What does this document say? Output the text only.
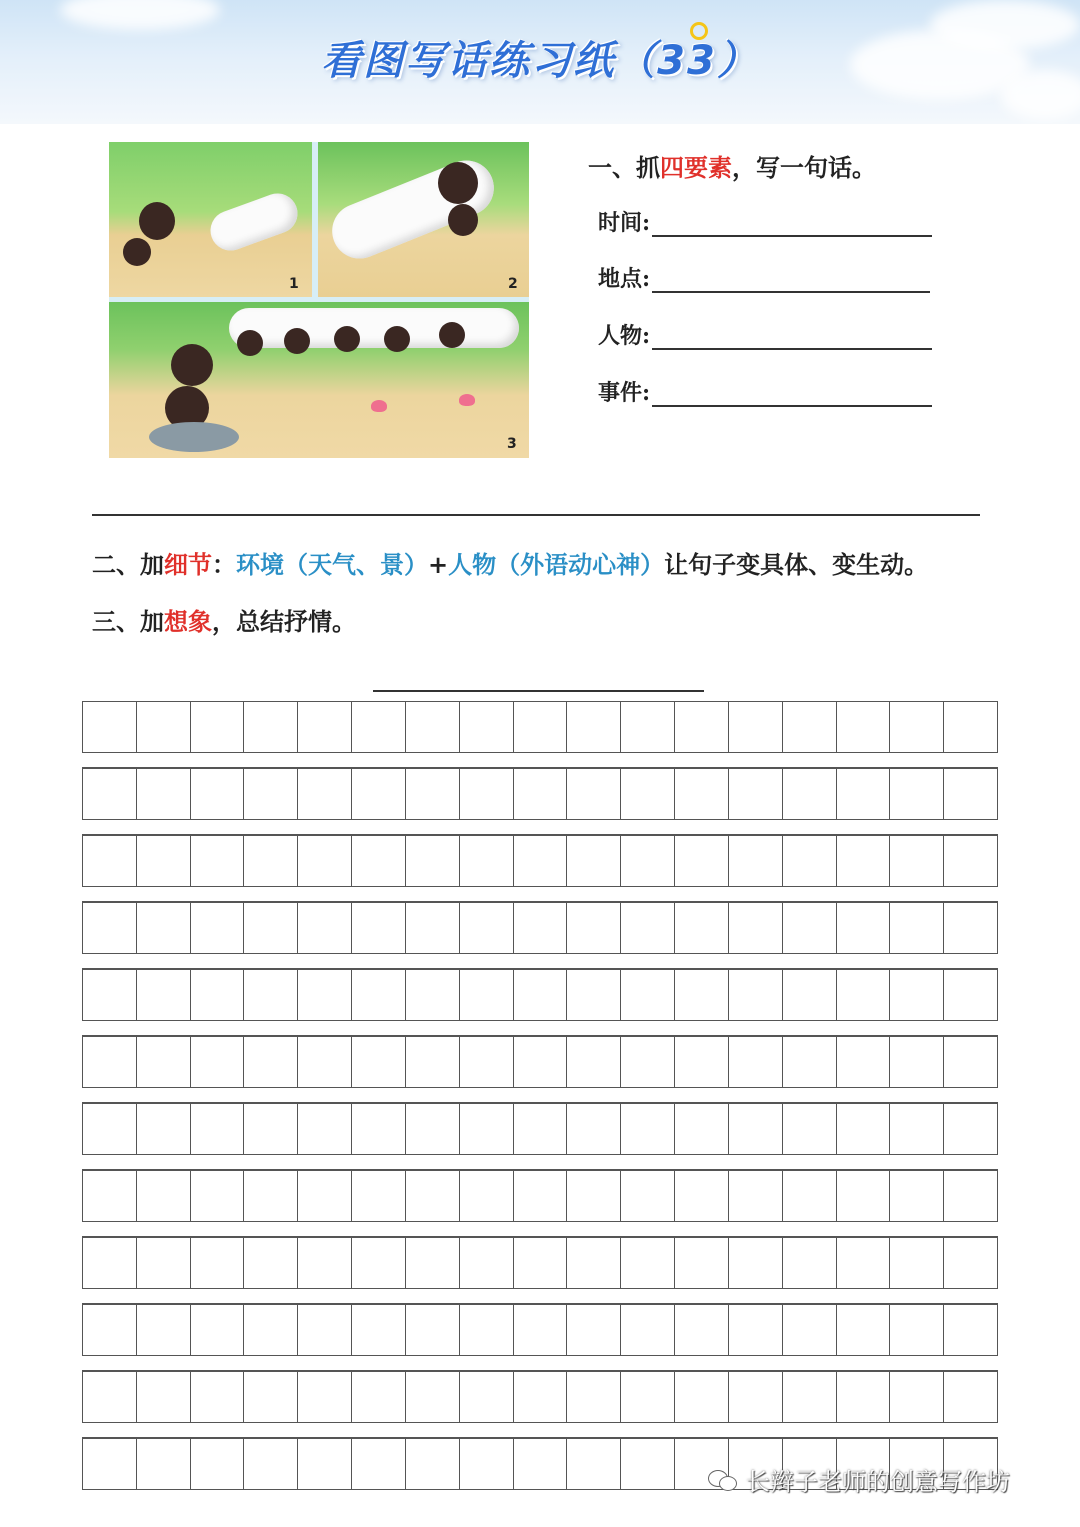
看图写话练习纸（33）
1	2
3
一、抓四要素，写一句话。
时间:
地点:
人物:
事件:
二、加细节：环境（天气、景）+人物（外语动心神）让句子变具体、变生动。
三、加想象，总结抒情。
长辫子老师的创意写作坊
